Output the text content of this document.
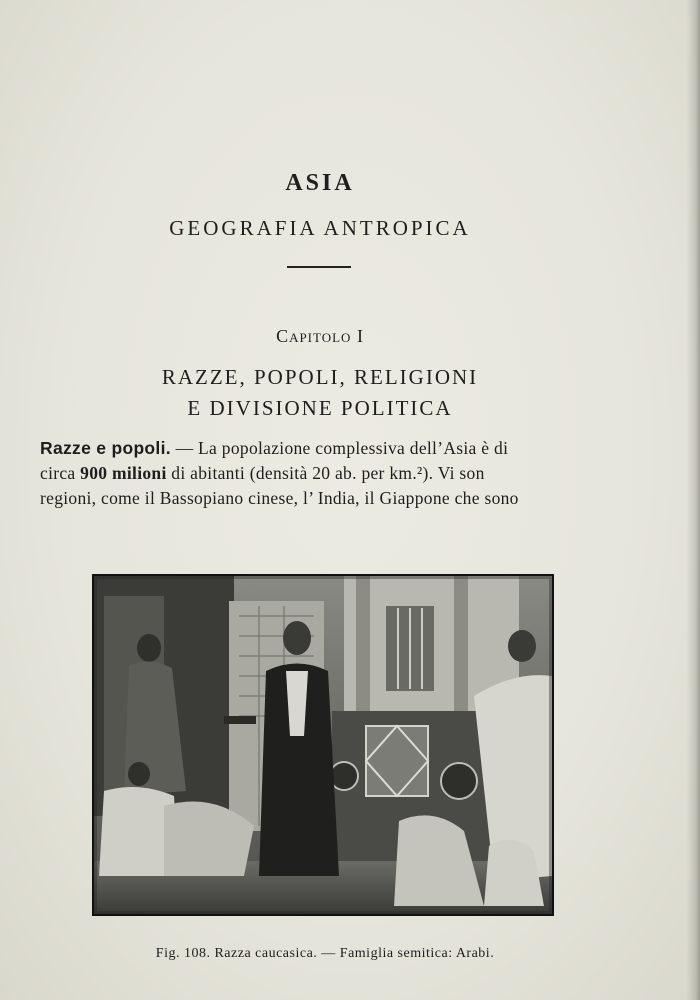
ASIA
GEOGRAFIA ANTROPICA
Capitolo I
RAZZE, POPOLI, RELIGIONI
E DIVISIONE POLITICA
Razze e popoli. — La popolazione complessiva dell’Asia è di
circa 900 milioni di abitanti (densità 20 ab. per km.²). Vi son
regioni, come il Bassopiano cinese, l’ India, il Giappone che sono
Fig. 108. Razza caucasica. — Famiglia semitica: Arabi.
